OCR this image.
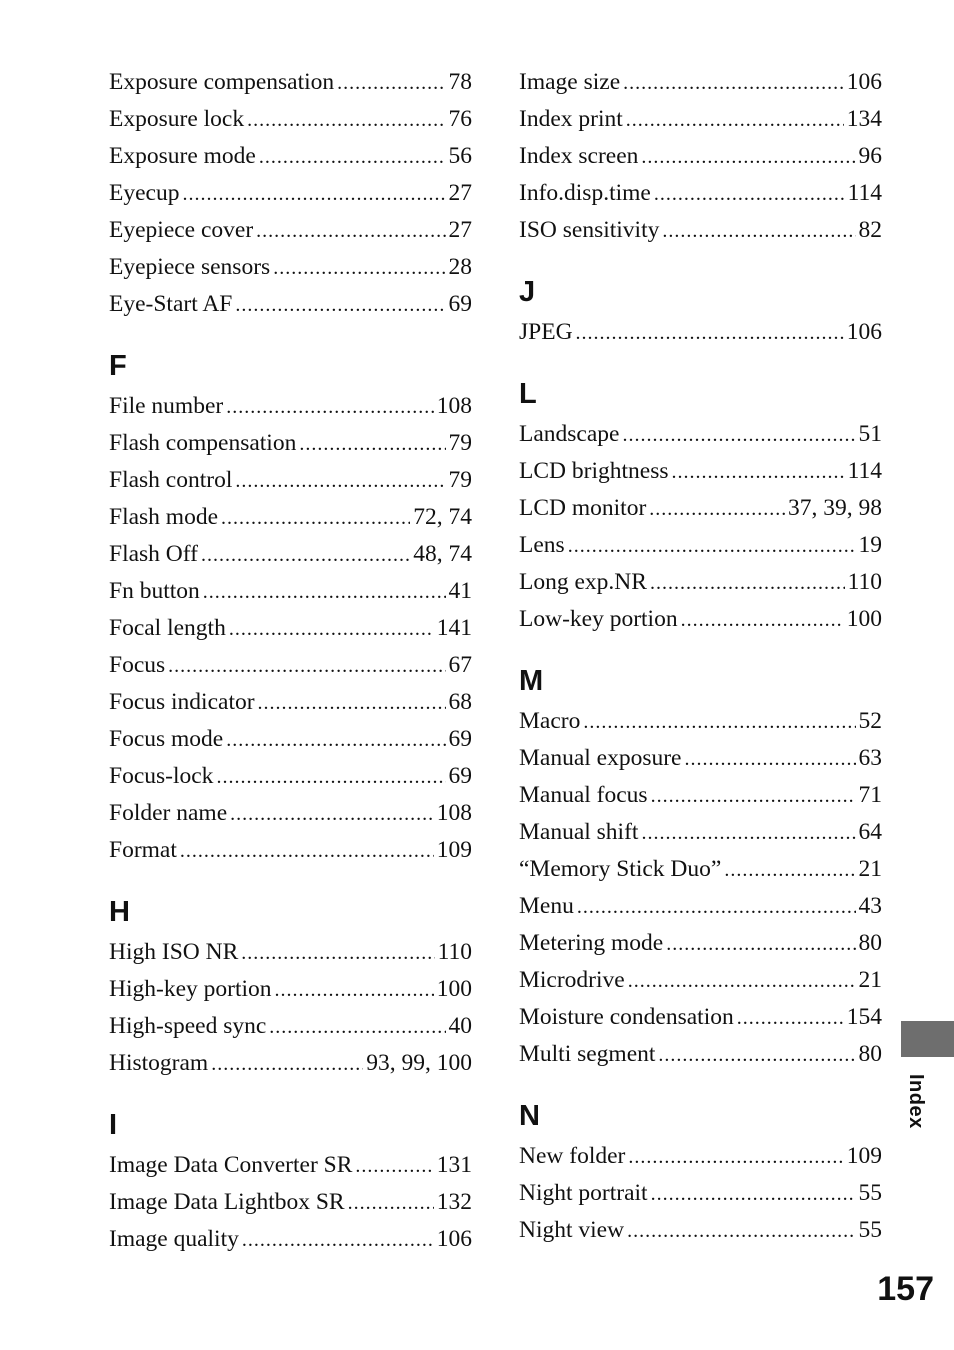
Exposure compensation .....	78
Exposure lock .....	76
Exposure mode .....	56
Eyecup .....	27
Eyepiece cover .....	27
Eyepiece sensors .....	28
Eye-Start AF .....	69
F
File number .....	108
Flash compensation .....	79
Flash control .....	79
Flash mode .....	72, 74
Flash Off .....	48, 74
Fn button .....	41
Focal length .....	141
Focus .....	67
Focus indicator .....	68
Focus mode .....	69
Focus-lock .....	69
Folder name .....	108
Format .....	109
H
High ISO NR .....	110
High-key portion .....	100
High-speed sync .....	40
Histogram .....	93, 99, 100
I
Image Data Converter SR .....	131
Image Data Lightbox SR .....	132
Image quality .....	106
Image size .....	106
Index print .....	134
Index screen .....	96
Info.disp.time .....	114
ISO sensitivity .....	82
J
JPEG .....	106
L
Landscape .....	51
LCD brightness .....	114
LCD monitor .....	37, 39, 98
Lens .....	19
Long exp.NR .....	110
Low-key portion .....	100
M
Macro .....	52
Manual exposure .....	63
Manual focus .....	71
Manual shift .....	64
“Memory Stick Duo” .....	21
Menu .....	43
Metering mode .....	80
Microdrive .....	21
Moisture condensation .....	154
Multi segment .....	80
N
New folder .....	109
Night portrait .....	55
Night view .....	55
Index
157
